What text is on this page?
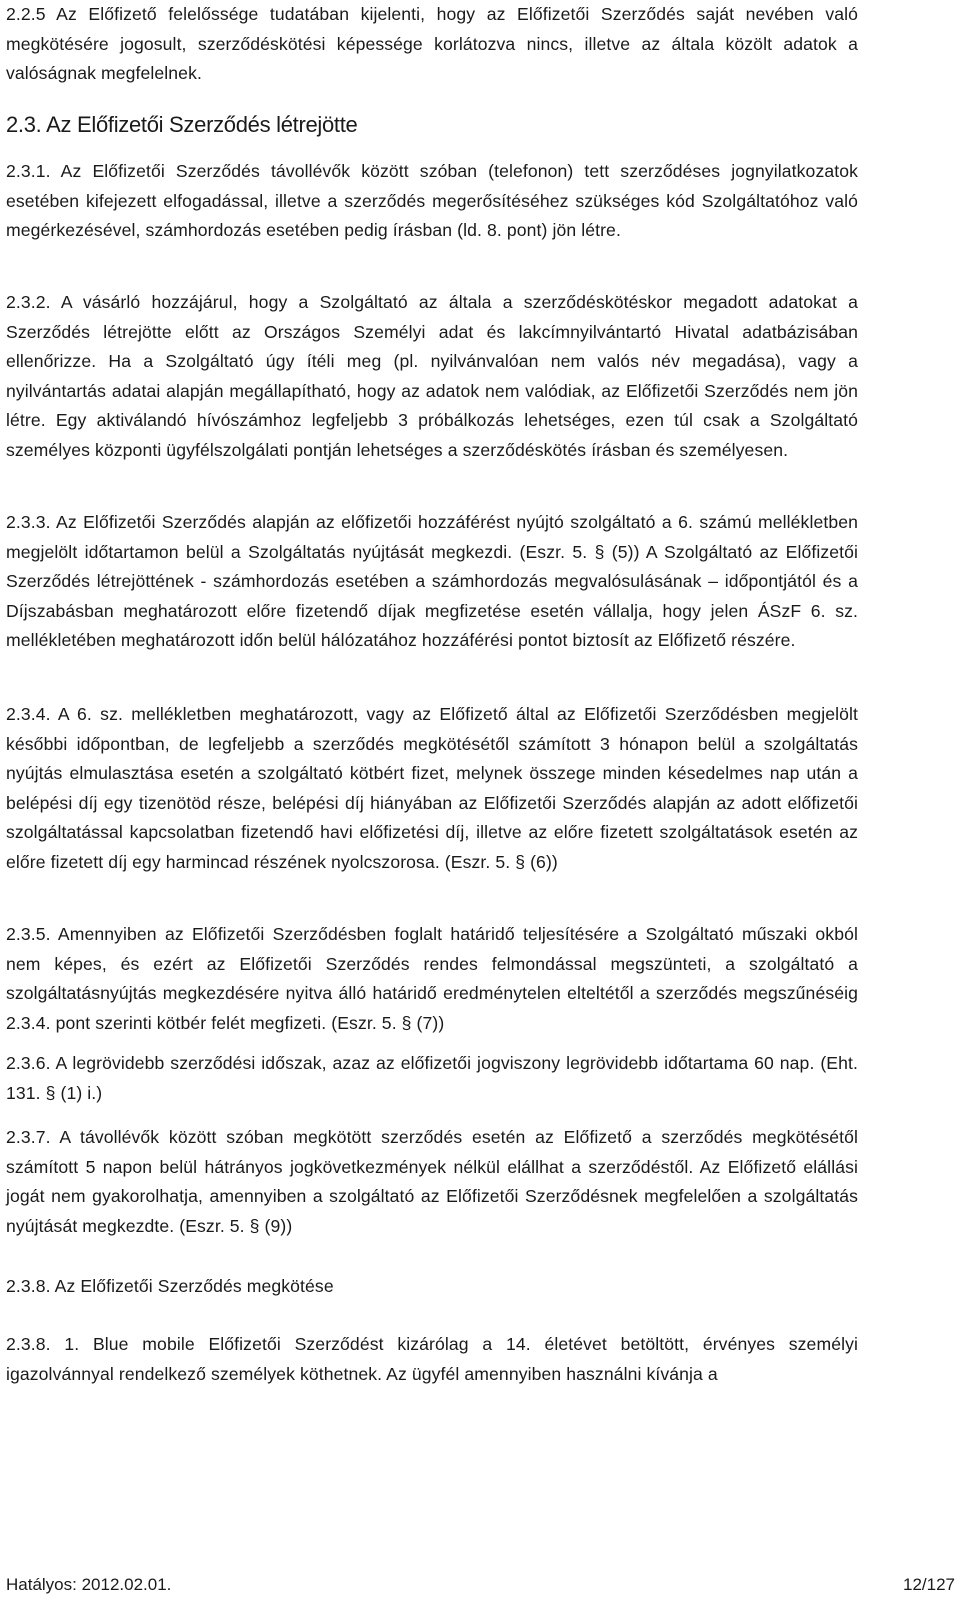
2.2.5 Az Előfizető felelőssége tudatában kijelenti, hogy az Előfizetői Szerződés saját nevében való megkötésére jogosult, szerződéskötési képessége korlátozva nincs, illetve az általa közölt adatok a valóságnak megfelelnek.

2.3. Az Előfizetői Szerződés létrejötte

2.3.1. Az Előfizetői Szerződés távollévők között szóban (telefonon) tett szerződéses jognyilatkozatok esetében kifejezett elfogadással, illetve a szerződés megerősítéséhez szükséges kód Szolgáltatóhoz való megérkezésével, számhordozás esetében pedig írásban (ld. 8. pont) jön létre.

2.3.2. A vásárló hozzájárul, hogy a Szolgáltató az általa a szerződéskötéskor megadott adatokat a Szerződés létrejötte előtt az Országos Személyi adat és lakcímnyilvántartó Hivatal adatbázisában ellenőrizze. Ha a Szolgáltató úgy ítéli meg (pl. nyilvánvalóan nem valós név megadása), vagy a nyilvántartás adatai alapján megállapítható, hogy az adatok nem valódiak, az Előfizetői Szerződés nem jön létre. Egy aktiválandó hívószámhoz legfeljebb 3 próbálkozás lehetséges, ezen túl csak a Szolgáltató személyes központi ügyfélszolgálati pontján lehetséges a szerződéskötés írásban és személyesen.

2.3.3. Az Előfizetői Szerződés alapján az előfizetői hozzáférést nyújtó szolgáltató a 6. számú mellékletben megjelölt időtartamon belül a Szolgáltatás nyújtását megkezdi. (Eszr. 5. § (5)) A Szolgáltató az Előfizetői Szerződés létrejöttének - számhordozás esetében a számhordozás megvalósulásának – időpontjától és a Díjszabásban meghatározott előre fizetendő díjak megfizetése esetén vállalja, hogy jelen ÁSzF 6. sz. mellékletében meghatározott időn belül hálózatához hozzáférési pontot biztosít az Előfizető részére.

2.3.4. A 6. sz. mellékletben meghatározott, vagy az Előfizető által az Előfizetői Szerződésben megjelölt későbbi időpontban, de legfeljebb a szerződés megkötésétől számított 3 hónapon belül a szolgáltatás nyújtás elmulasztása esetén a szolgáltató kötbért fizet, melynek összege minden késedelmes nap után a belépési díj egy tizenötöd része, belépési díj hiányában az Előfizetői Szerződés alapján az adott előfizetői szolgáltatással kapcsolatban fizetendő havi előfizetési díj, illetve az előre fizetett szolgáltatások esetén az előre fizetett díj egy harmincad részének nyolcszorosa. (Eszr. 5. § (6))

2.3.5. Amennyiben az Előfizetői Szerződésben foglalt határidő teljesítésére a Szolgáltató műszaki okból nem képes, és ezért az Előfizetői Szerződés rendes felmondással megszünteti, a szolgáltató a szolgáltatásnyújtás megkezdésére nyitva álló határidő eredménytelen elteltétől a szerződés megszűnéséig 2.3.4. pont szerinti kötbér felét megfizeti. (Eszr. 5. § (7))

2.3.6. A legrövidebb szerződési időszak, azaz az előfizetői jogviszony legrövidebb időtartama 60 nap. (Eht. 131. § (1) i.)

2.3.7. A távollévők között szóban megkötött szerződés esetén az Előfizető a szerződés megkötésétől számított 5 napon belül hátrányos jogkövetkezmények nélkül elállhat a szerződéstől. Az Előfizető elállási jogát nem gyakorolhatja, amennyiben a szolgáltató az Előfizetői Szerződésnek megfelelően a szolgáltatás nyújtását megkezdte. (Eszr. 5. § (9))

2.3.8. Az Előfizetői Szerződés megkötése

2.3.8. 1. Blue mobile Előfizetői Szerződést kizárólag a 14. életévet betöltött, érvényes személyi igazolvánnyal rendelkező személyek köthetnek. Az ügyfél amennyiben használni kívánja a

Hatályos: 2012.02.01.	12/127
